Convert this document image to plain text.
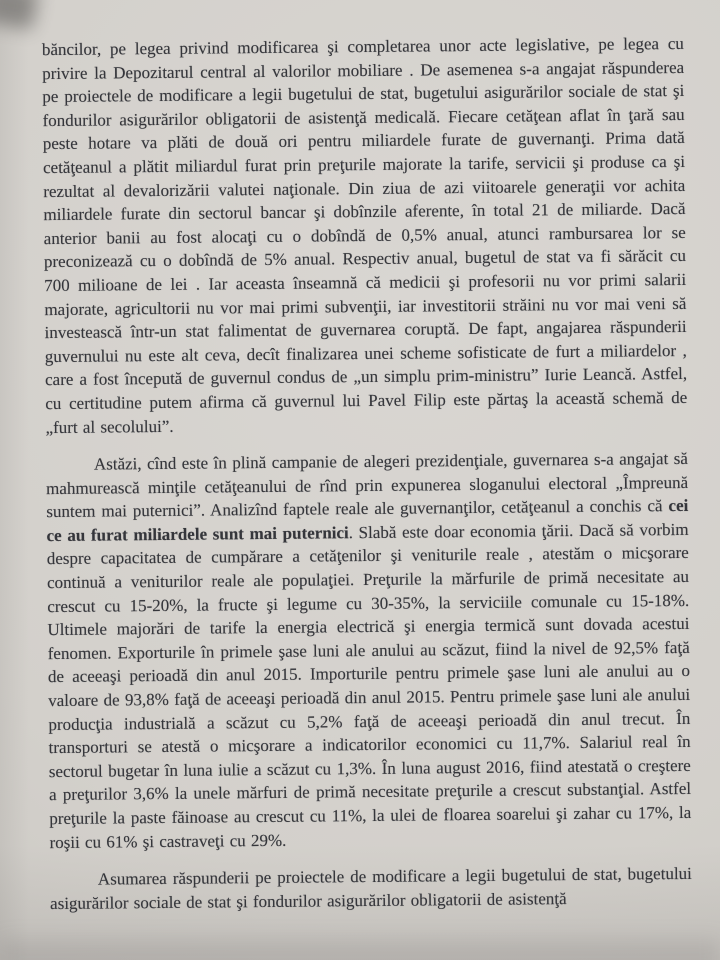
băncilor, pe legea privind modificarea şi completarea unor acte legislative, pe legea cu privire la Depozitarul central al valorilor mobiliare . De asemenea s-a angajat răspunderea pe proiectele de modificare a legii bugetului de stat, bugetului asigurărilor sociale de stat şi fondurilor asigurărilor obligatorii de asistenţă medicală. Fiecare cetăţean aflat în ţară sau peste hotare va plăti de două ori pentru miliardele furate de guvernanţi. Prima dată cetăţeanul a plătit miliardul furat prin preţurile majorate la tarife, servicii şi produse ca şi rezultat al devalorizării valutei naţionale. Din ziua de azi viitoarele generaţii vor achita miliardele furate din sectorul bancar şi dobînzile aferente, în total 21 de miliarde. Dacă anterior banii au fost alocaţi cu o dobîndă de 0,5% anual, atunci rambursarea lor se preconizează cu o dobîndă de 5% anual. Respectiv anual, bugetul de stat va fi sărăcit cu 700 milioane de lei . Iar aceasta înseamnă că medicii şi profesorii nu vor primi salarii majorate, agricultorii nu vor mai primi subvenţii, iar investitorii străini nu vor mai veni să investească într-un stat falimentat de guvernarea coruptă. De fapt, angajarea răspunderii guvernului nu este alt ceva, decît finalizarea unei scheme sofisticate de furt a miliardelor , care a fost începută de guvernul condus de „un simplu prim-ministru” Iurie Leancă. Astfel, cu certitudine putem afirma că guvernul lui Pavel Filip este părtaş la această schemă de „furt al secolului”.

Astăzi, cînd este în plină campanie de alegeri prezidenţiale, guvernarea s-a angajat să mahmurească minţile cetăţeanului de rînd prin expunerea sloganului electoral „Împreună suntem mai puternici”. Analizînd faptele reale ale guvernanţilor, cetăţeanul a conchis că cei ce au furat miliardele sunt mai puternici. Slabă este doar economia ţării. Dacă să vorbim despre capacitatea de cumpărare a cetăţenilor şi veniturile reale , atestăm o micşorare continuă a veniturilor reale ale populaţiei. Preţurile la mărfurile de primă necesitate au crescut cu 15-20%, la fructe şi legume cu 30-35%, la serviciile comunale cu 15-18%. Ultimele majorări de tarife la energia electrică şi energia termică sunt dovada acestui fenomen. Exporturile în primele şase luni ale anului au scăzut, fiind la nivel de 92,5% faţă de aceeaşi perioadă din anul 2015. Importurile pentru primele şase luni ale anului au o valoare de 93,8% faţă de aceeaşi perioadă din anul 2015. Pentru primele şase luni ale anului producţia industrială a scăzut cu 5,2% faţă de aceeaşi perioadă din anul trecut. În transporturi se atestă o micşorare a indicatorilor economici cu 11,7%. Salariul real în sectorul bugetar în luna iulie a scăzut cu 1,3%. În luna august 2016, fiind atestată o creştere a preţurilor 3,6% la unele mărfuri de primă necesitate preţurile a crescut substanţial. Astfel preţurile la paste făinoase au crescut cu 11%, la ulei de floarea soarelui şi zahar cu 17%, la roşii cu 61% şi castraveţi cu 29%.

Asumarea răspunderii pe proiectele de modificare a legii bugetului de stat, bugetului asigurărilor sociale de stat şi fondurilor asigurărilor obligatorii de asistenţă
